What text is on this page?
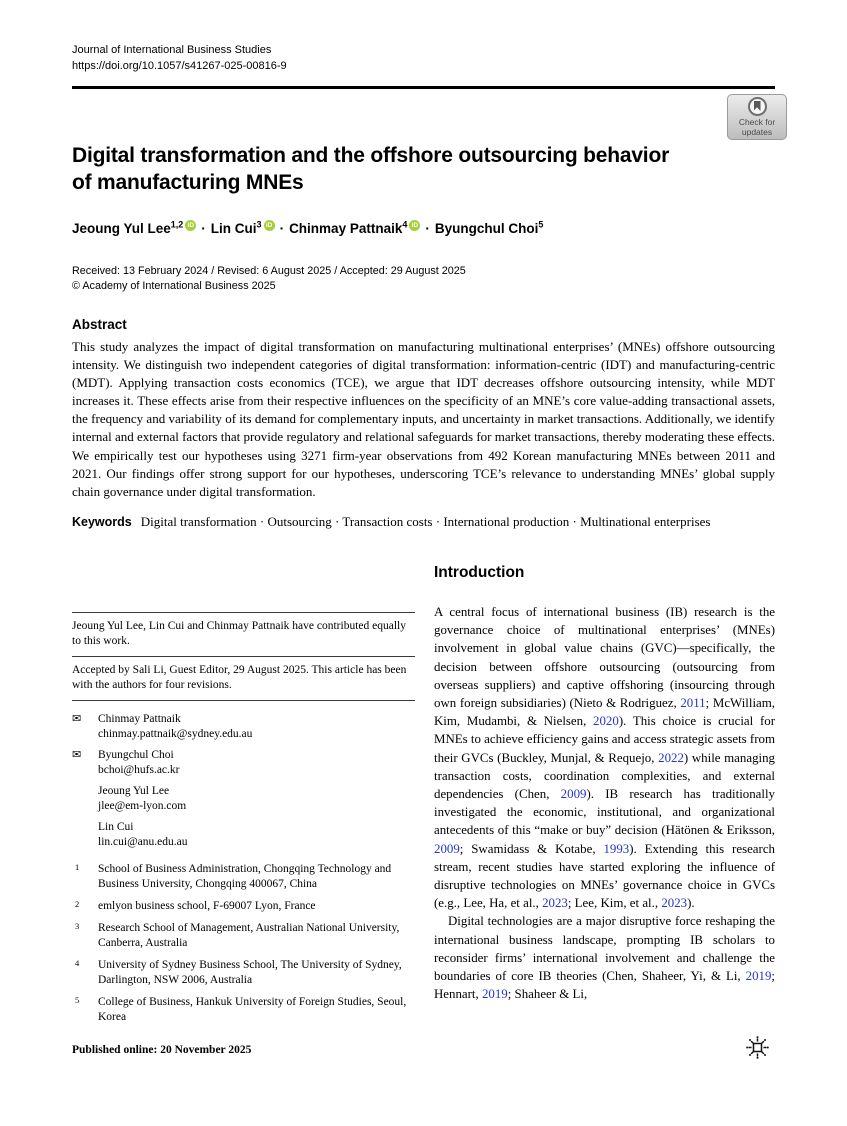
Journal of International Business Studies
https://doi.org/10.1057/s41267-025-00816-9
Check for
updates
Digital transformation and the offshore outsourcing behavior
of manufacturing MNEs
Jeoung Yul Lee$^{1,2}$ iD · Lin Cui$^3$ iD · Chinmay Pattnaik$^4$ iD · Byungchul Choi$^5$
Received: 13 February 2024 / Revised: 6 August 2025 / Accepted: 29 August 2025
© Academy of International Business 2025
Abstract
This study analyzes the impact of digital transformation on manufacturing multinational enterprises’ (MNEs) offshore outsourcing intensity. We distinguish two independent categories of digital transformation: information-centric (IDT) and manufacturing-centric (MDT). Applying transaction costs economics (TCE), we argue that IDT decreases offshore outsourcing intensity, while MDT increases it. These effects arise from their respective influences on the specificity of an MNE’s core value-adding transactional assets, the frequency and variability of its demand for complementary inputs, and uncertainty in market transactions. Additionally, we identify internal and external factors that provide regulatory and relational safeguards for market transactions, thereby moderating these effects. We empirically test our hypotheses using 3271 firm-year observations from 492 Korean manufacturing MNEs between 2011 and 2021. Our findings offer strong support for our hypotheses, underscoring TCE’s relevance to understanding MNEs’ global supply chain governance under digital transformation.
Keywords Digital transformation · Outsourcing · Transaction costs · International production · Multinational enterprises
Jeoung Yul Lee, Lin Cui and Chinmay Pattnaik have contributed equally to this work.
Accepted by Sali Li, Guest Editor, 29 August 2025. This article has been with the authors for four revisions.
✉	Chinmay Pattnaik
chinmay.pattnaik@sydney.edu.au
✉	Byungchul Choi
bchoi@hufs.ac.kr
Jeoung Yul Lee
jlee@em-lyon.com
Lin Cui
lin.cui@anu.edu.au
1	School of Business Administration, Chongqing Technology and Business University, Chongqing 400067, China
2	emlyon business school, F-69007 Lyon, France
3	Research School of Management, Australian National University, Canberra, Australia
4	University of Sydney Business School, The University of Sydney, Darlington, NSW 2006, Australia
5	College of Business, Hankuk University of Foreign Studies, Seoul, Korea
Introduction

A central focus of international business (IB) research is the governance choice of multinational enterprises’ (MNEs) involvement in global value chains (GVC)—specifically, the decision between offshore outsourcing (outsourcing from overseas suppliers) and captive offshoring (insourcing through own foreign subsidiaries) (Nieto & Rodriguez, 2011; McWilliam, Kim, Mudambi, & Nielsen, 2020). This choice is crucial for MNEs to achieve efficiency gains and access strategic assets from their GVCs (Buckley, Munjal, & Requejo, 2022) while managing transaction costs, coordination complexities, and external dependencies (Chen, 2009). IB research has traditionally investigated the economic, institutional, and organizational antecedents of this “make or buy” decision (Hätönen & Eriksson, 2009; Swamidass & Kotabe, 1993). Extending this research stream, recent studies have started exploring the influence of disruptive technologies on MNEs’ governance choice in GVCs (e.g., Lee, Ha, et al., 2023; Lee, Kim, et al., 2023).

Digital technologies are a major disruptive force reshaping the international business landscape, prompting IB scholars to reconsider firms’ international involvement and challenge the boundaries of core IB theories (Chen, Shaheer, Yi, & Li, 2019; Hennart, 2019; Shaheer & Li,

Published online: 20 November 2025
